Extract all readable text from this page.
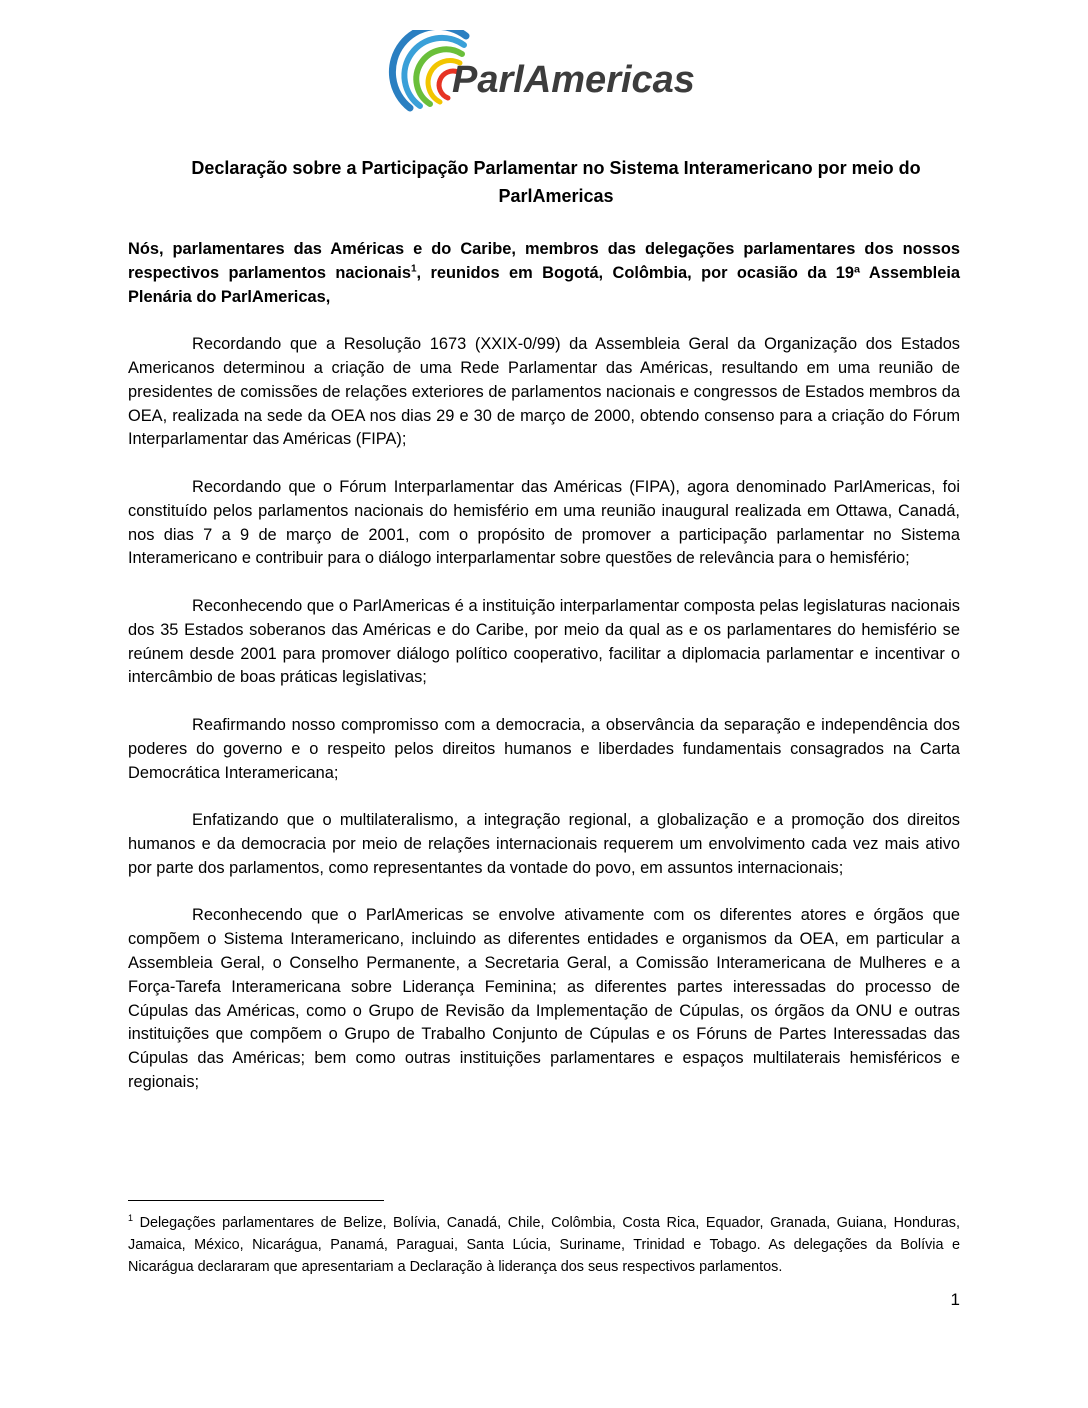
ParlAmericas
Declaração sobre a Participação Parlamentar no Sistema Interamericano por meio do ParlAmericas

Nós, parlamentares das Américas e do Caribe, membros das delegações parlamentares dos nossos respectivos parlamentos nacionais$^1$, reunidos em Bogotá, Colômbia, por ocasião da 19ª Assembleia Plenária do ParlAmericas,

Recordando que a Resolução 1673 (XXIX-0/99) da Assembleia Geral da Organização dos Estados Americanos determinou a criação de uma Rede Parlamentar das Américas, resultando em uma reunião de presidentes de comissões de relações exteriores de parlamentos nacionais e congressos de Estados membros da OEA, realizada na sede da OEA nos dias 29 e 30 de março de 2000, obtendo consenso para a criação do Fórum Interparlamentar das Américas (FIPA);

Recordando que o Fórum Interparlamentar das Américas (FIPA), agora denominado ParlAmericas, foi constituído pelos parlamentos nacionais do hemisfério em uma reunião inaugural realizada em Ottawa, Canadá, nos dias 7 a 9 de março de 2001, com o propósito de promover a participação parlamentar no Sistema Interamericano e contribuir para o diálogo interparlamentar sobre questões de relevância para o hemisfério;

Reconhecendo que o ParlAmericas é a instituição interparlamentar composta pelas legislaturas nacionais dos 35 Estados soberanos das Américas e do Caribe, por meio da qual as e os parlamentares do hemisfério se reúnem desde 2001 para promover diálogo político cooperativo, facilitar a diplomacia parlamentar e incentivar o intercâmbio de boas práticas legislativas;

Reafirmando nosso compromisso com a democracia, a observância da separação e independência dos poderes do governo e o respeito pelos direitos humanos e liberdades fundamentais consagrados na Carta Democrática Interamericana;

Enfatizando que o multilateralismo, a integração regional, a globalização e a promoção dos direitos humanos e da democracia por meio de relações internacionais requerem um envolvimento cada vez mais ativo por parte dos parlamentos, como representantes da vontade do povo, em assuntos internacionais;

Reconhecendo que o ParlAmericas se envolve ativamente com os diferentes atores e órgãos que compõem o Sistema Interamericano, incluindo as diferentes entidades e organismos da OEA, em particular a Assembleia Geral, o Conselho Permanente, a Secretaria Geral, a Comissão Interamericana de Mulheres e a Força-Tarefa Interamericana sobre Liderança Feminina; as diferentes partes interessadas do processo de Cúpulas das Américas, como o Grupo de Revisão da Implementação de Cúpulas, os órgãos da ONU e outras instituições que compõem o Grupo de Trabalho Conjunto de Cúpulas e os Fóruns de Partes Interessadas das Cúpulas das Américas; bem como outras instituições parlamentares e espaços multilaterais hemisféricos e regionais;

$^1$ Delegações parlamentares de Belize, Bolívia, Canadá, Chile, Colômbia, Costa Rica, Equador, Granada, Guiana, Honduras, Jamaica, México, Nicarágua, Panamá, Paraguai, Santa Lúcia, Suriname, Trinidad e Tobago. As delegações da Bolívia e Nicarágua declararam que apresentariam a Declaração à liderança dos seus respectivos parlamentos.

1
